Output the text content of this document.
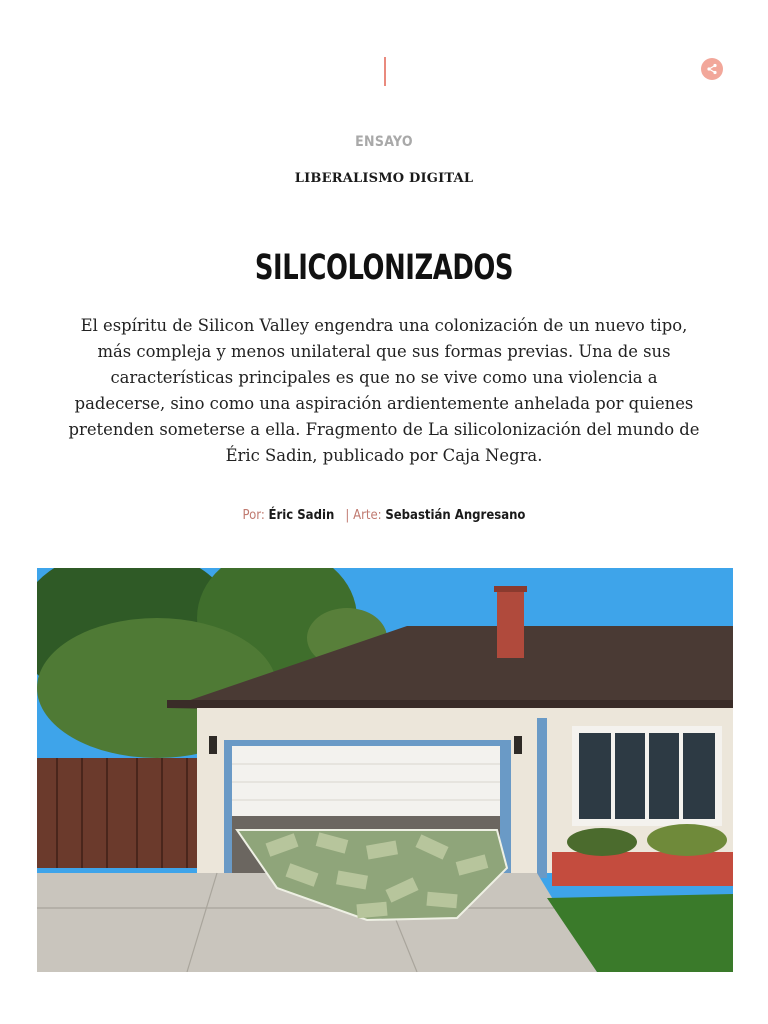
ENSAYO
LIBERALISMO DIGITAL
SILICOLONIZADOS

El espíritu de Silicon Valley engendra una colonización de un nuevo tipo, más compleja y menos unilateral que sus formas previas. Una de sus características principales es que no se vive como una violencia a padecerse, sino como una aspiración ardientemente anhelada por quienes pretenden someterse a ella. Fragmento de La silicolonización del mundo de Éric Sadin, publicado por Caja Negra.

Por: Éric Sadin | Arte: Sebastián Angresano
